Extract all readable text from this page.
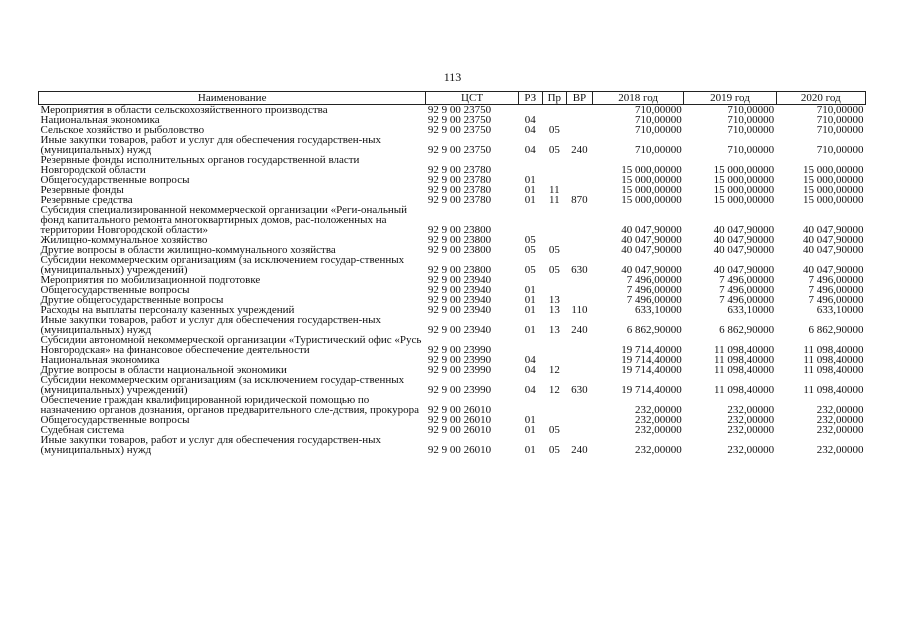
113
Наименование	ЦСТ	РЗ	Пр	ВР	2018 год	2019 год	2020 год
Мероприятия в области сельскохозяйственного производства	92 9 00 23750				710,00000	710,00000	710,00000
Национальная экономика	92 9 00 23750	04			710,00000	710,00000	710,00000
Сельское хозяйство и рыболовство	92 9 00 23750	04	05		710,00000	710,00000	710,00000
Иные закупки товаров, работ и услуг для обеспечения государствен-ных (муниципальных) нужд	92 9 00 23750	04	05	240	710,00000	710,00000	710,00000
Резервные фонды исполнительных органов государственной власти Новгородской области	92 9 00 23780				15 000,00000	15 000,00000	15 000,00000
Общегосударственные вопросы	92 9 00 23780	01			15 000,00000	15 000,00000	15 000,00000
Резервные фонды	92 9 00 23780	01	11		15 000,00000	15 000,00000	15 000,00000
Резервные средства	92 9 00 23780	01	11	870	15 000,00000	15 000,00000	15 000,00000
Субсидия специализированной некоммерческой организации «Реги-ональный фонд капитального ремонта многоквартирных домов, рас-положенных на территории Новгородской области»	92 9 00 23800				40 047,90000	40 047,90000	40 047,90000
Жилищно-коммунальное хозяйство	92 9 00 23800	05			40 047,90000	40 047,90000	40 047,90000
Другие вопросы в области жилищно-коммунального хозяйства	92 9 00 23800	05	05		40 047,90000	40 047,90000	40 047,90000
Субсидии некоммерческим организациям (за исключением государ-ственных (муниципальных) учреждений)	92 9 00 23800	05	05	630	40 047,90000	40 047,90000	40 047,90000
Мероприятия по мобилизационной подготовке	92 9 00 23940				7 496,00000	7 496,00000	7 496,00000
Общегосударственные вопросы	92 9 00 23940	01			7 496,00000	7 496,00000	7 496,00000
Другие общегосударственные вопросы	92 9 00 23940	01	13		7 496,00000	7 496,00000	7 496,00000
Расходы на выплаты персоналу казенных учреждений	92 9 00 23940	01	13	110	633,10000	633,10000	633,10000
Иные закупки товаров, работ и услуг для обеспечения государствен-ных (муниципальных) нужд	92 9 00 23940	01	13	240	6 862,90000	6 862,90000	6 862,90000
Субсидии автономной некоммерческой организации «Туристический офис «Русь Новгородская» на финансовое обеспечение деятельности	92 9 00 23990				19 714,40000	11 098,40000	11 098,40000
Национальная экономика	92 9 00 23990	04			19 714,40000	11 098,40000	11 098,40000
Другие вопросы в области национальной экономики	92 9 00 23990	04	12		19 714,40000	11 098,40000	11 098,40000
Субсидии некоммерческим организациям (за исключением государ-ственных (муниципальных) учреждений)	92 9 00 23990	04	12	630	19 714,40000	11 098,40000	11 098,40000
Обеспечение граждан квалифицированной юридической помощью по назначению органов дознания, органов предварительного сле-дствия, прокурора	92 9 00 26010				232,00000	232,00000	232,00000
Общегосударственные вопросы	92 9 00 26010	01			232,00000	232,00000	232,00000
Судебная система	92 9 00 26010	01	05		232,00000	232,00000	232,00000
Иные закупки товаров, работ и услуг для обеспечения государствен-ных (муниципальных) нужд	92 9 00 26010	01	05	240	232,00000	232,00000	232,00000
